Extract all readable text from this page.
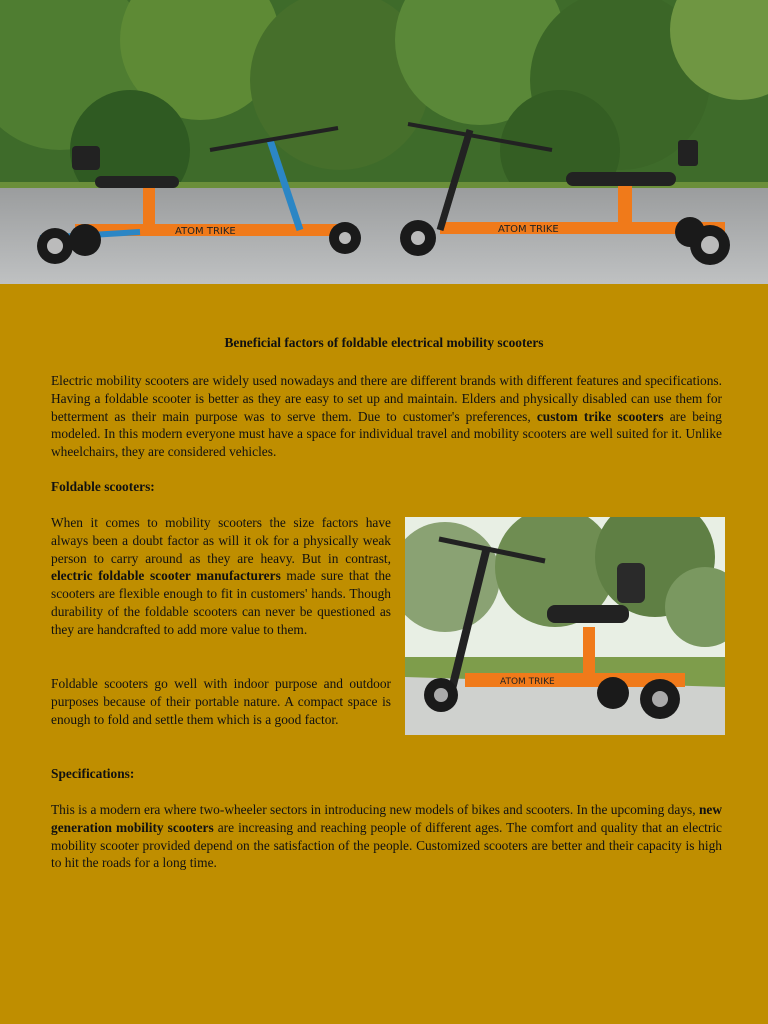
ATOM TRIKE	ATOM TRIKE
Beneficial factors of foldable electrical mobility scooters

Electric mobility scooters are widely used nowadays and there are different brands with different features and specifications. Having a foldable scooter is better as they are easy to set up and maintain. Elders and physically disabled can use them for betterment as their main purpose was to serve them. Due to customer's preferences, custom trike scooters are being modeled. In this modern everyone must have a space for individual travel and mobility scooters are well suited for it. Unlike wheelchairs, they are considered vehicles.

Foldable scooters:

When it comes to mobility scooters the size factors have always been a doubt factor as will it ok for a physically weak person to carry around as they are heavy. But in contrast, electric foldable scooter manufacturers made sure that the scooters are flexible enough to fit in customers' hands. Though durability of the foldable scooters can never be questioned as they are handcrafted to add more value to them.

Foldable scooters go well with indoor purpose and outdoor purposes because of their portable nature. A compact space is enough to fold and settle them which is a good factor.

ATOM TRIKE
Specifications:

This is a modern era where two-wheeler sectors in introducing new models of bikes and scooters. In the upcoming days, new generation mobility scooters are increasing and reaching people of different ages. The comfort and quality that an electric mobility scooter provided depend on the satisfaction of the people. Customized scooters are better and their capacity is high to hit the roads for a long time.
